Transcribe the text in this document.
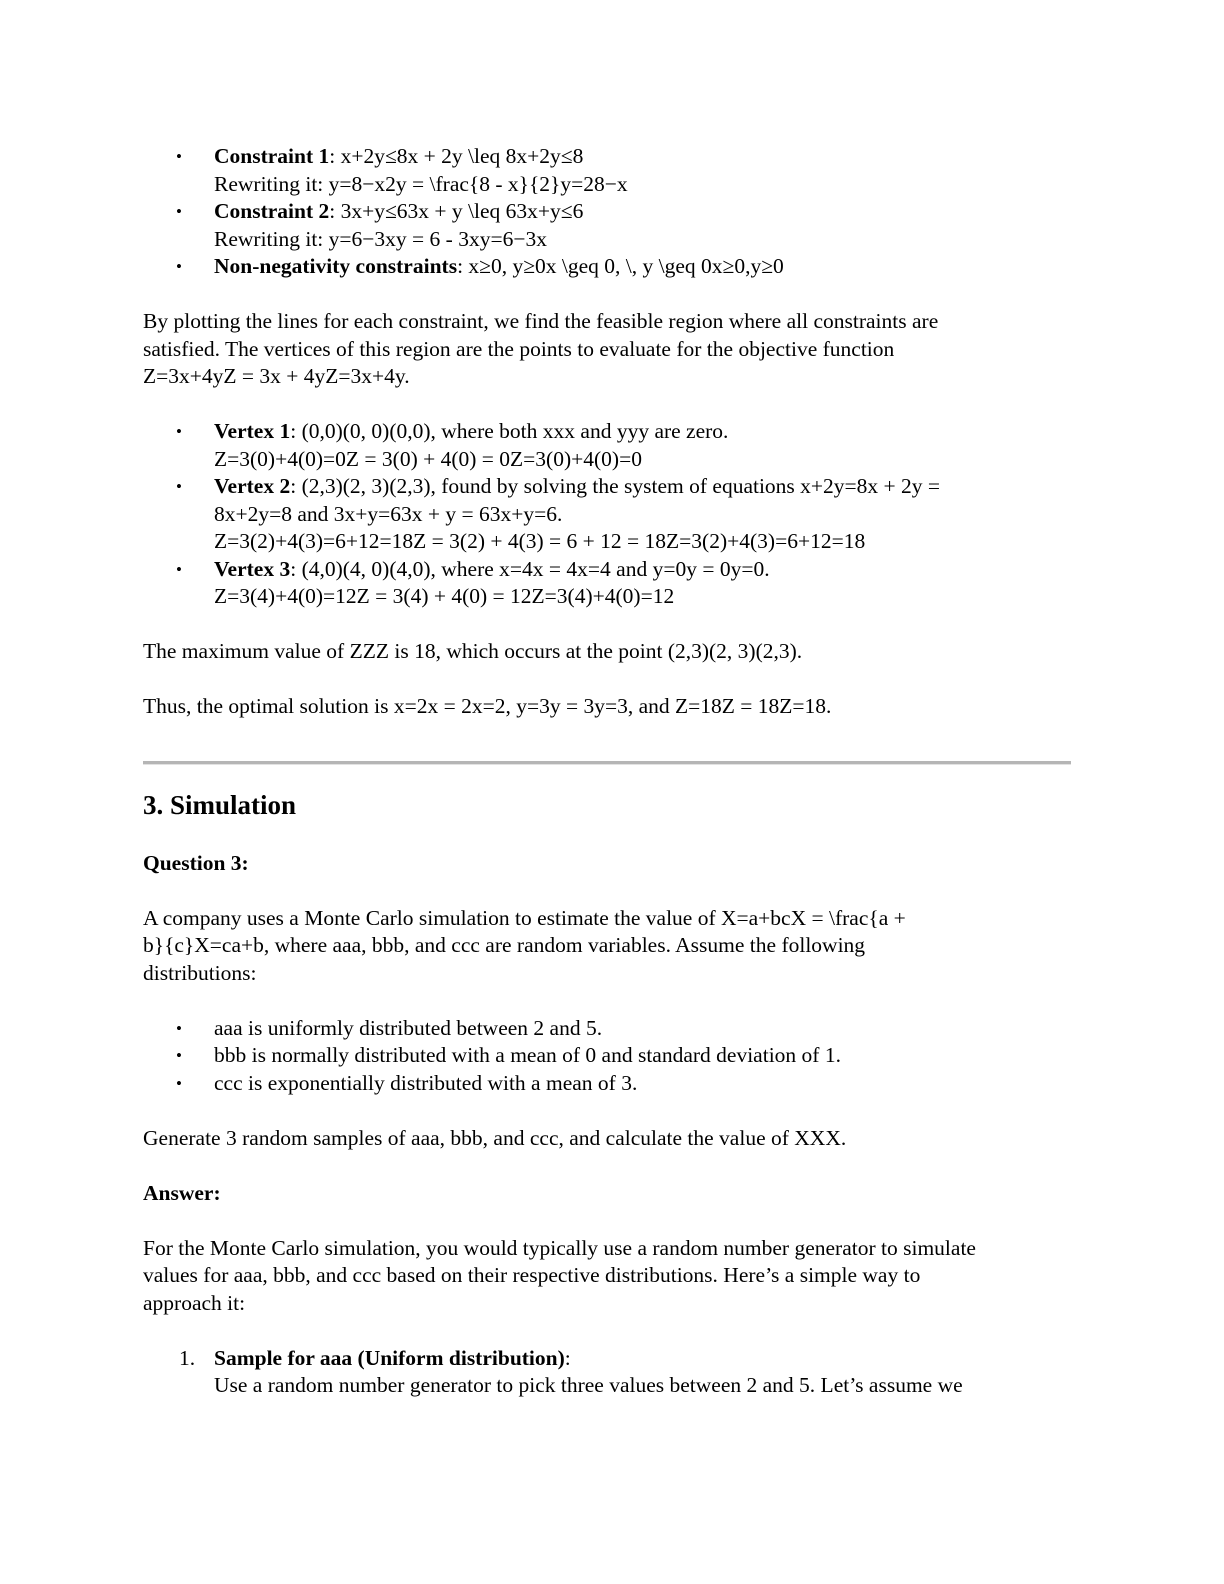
• Constraint 1: x+2y≤8x + 2y \leq 8x+2y≤8
Rewriting it: y=8−x2y = \frac{8 - x}{2}y=28−x
• Constraint 2: 3x+y≤63x + y \leq 63x+y≤6
Rewriting it: y=6−3xy = 6 - 3xy=6−3x
• Non-negativity constraints: x≥0, y≥0x \geq 0, \, y \geq 0x≥0,y≥0

By plotting the lines for each constraint, we find the feasible region where all constraints are
satisfied. The vertices of this region are the points to evaluate for the objective function
Z=3x+4yZ = 3x + 4yZ=3x+4y.

• Vertex 1: (0,0)(0, 0)(0,0), where both xxx and yyy are zero.
Z=3(0)+4(0)=0Z = 3(0) + 4(0) = 0Z=3(0)+4(0)=0
• Vertex 2: (2,3)(2, 3)(2,3), found by solving the system of equations x+2y=8x + 2y =
8x+2y=8 and 3x+y=63x + y = 63x+y=6.
Z=3(2)+4(3)=6+12=18Z = 3(2) + 4(3) = 6 + 12 = 18Z=3(2)+4(3)=6+12=18
• Vertex 3: (4,0)(4, 0)(4,0), where x=4x = 4x=4 and y=0y = 0y=0.
Z=3(4)+4(0)=12Z = 3(4) + 4(0) = 12Z=3(4)+4(0)=12

The maximum value of ZZZ is 18, which occurs at the point (2,3)(2, 3)(2,3).

Thus, the optimal solution is x=2x = 2x=2, y=3y = 3y=3, and Z=18Z = 18Z=18.

3. Simulation
Question 3:

A company uses a Monte Carlo simulation to estimate the value of X=a+bcX = \frac{a +
b}{c}X=ca+b, where aaa, bbb, and ccc are random variables. Assume the following
distributions:

• aaa is uniformly distributed between 2 and 5.
• bbb is normally distributed with a mean of 0 and standard deviation of 1.
• ccc is exponentially distributed with a mean of 3.

Generate 3 random samples of aaa, bbb, and ccc, and calculate the value of XXX.

Answer:

For the Monte Carlo simulation, you would typically use a random number generator to simulate
values for aaa, bbb, and ccc based on their respective distributions. Here’s a simple way to
approach it:

1. Sample for aaa (Uniform distribution):
Use a random number generator to pick three values between 2 and 5. Let’s assume we
